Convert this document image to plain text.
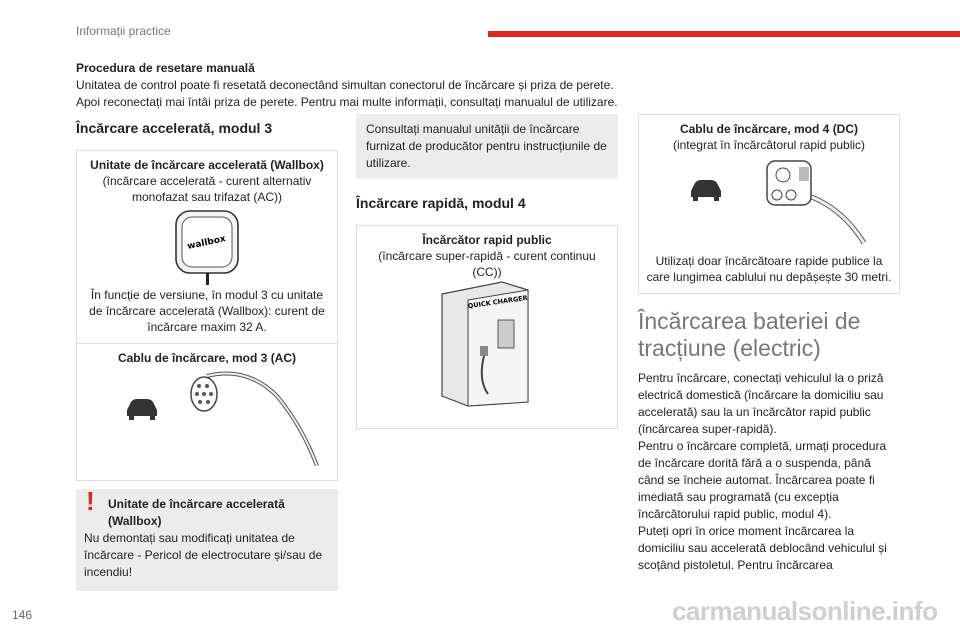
Informații practice
Procedura de resetare manuală
Unitatea de control poate fi resetată deconectând simultan conectorul de încărcare și priza de perete. Apoi reconectați mai întâi priza de perete. Pentru mai multe informații, consultați manualul de utilizare.
Încărcare accelerată, modul 3
Unitate de încărcare accelerată (Wallbox)
(încărcare accelerată - curent alternativ monofazat sau trifazat (AC))
wallbox
În funcție de versiune, în modul 3 cu unitate de încărcare accelerată (Wallbox): curent de încărcare maxim 32 A.
Cablu de încărcare, mod 3 (AC)
! Unitate de încărcare accelerată (Wallbox)
Nu demontați sau modificați unitatea de încărcare - Pericol de electrocutare și/sau de incendiu!
Consultați manualul unității de încărcare furnizat de producător pentru instrucțiunile de utilizare.
Încărcare rapidă, modul 4
Încărcător rapid public
(încărcare super-rapidă - curent continuu (CC))
QUICK CHARGER
Cablu de încărcare, mod 4 (DC)
(integrat în încărcătorul rapid public)
Utilizați doar încărcătoare rapide publice la care lungimea cablului nu depășește 30 metri.
Încărcarea bateriei de tracțiune (electric)
Pentru încărcare, conectați vehiculul la o priză electrică domestică (încărcare la domiciliu sau accelerată) sau la un încărcător rapid public (încărcarea super-rapidă).
Pentru o încărcare completă, urmați procedura de încărcare dorită fără a o suspenda, până când se încheie automat. Încărcarea poate fi imediată sau programată (cu excepția încărcătorului rapid public, modul 4).
Puteți opri în orice moment încărcarea la domiciliu sau accelerată deblocând vehiculul și scoțând pistoletul. Pentru încărcarea
146	carmanualsonline.info
